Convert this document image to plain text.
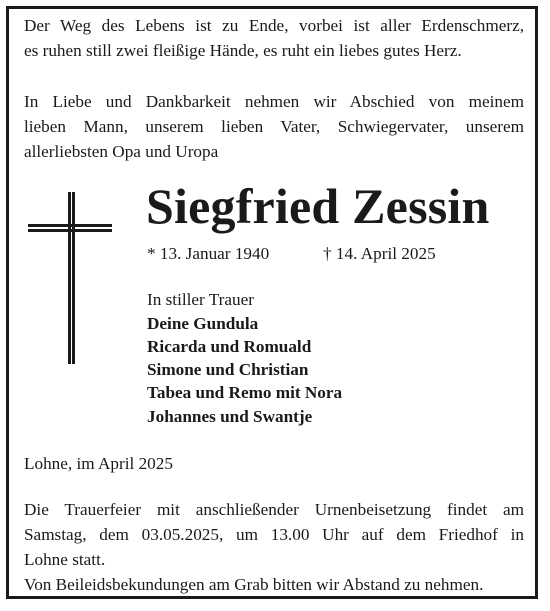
Der Weg des Lebens ist zu Ende, vorbei ist aller Erdenschmerz,
es ruhen still zwei fleißige Hände, es ruht ein liebes gutes Herz.
In Liebe und Dankbarkeit nehmen wir Abschied von meinem
lieben Mann, unserem lieben Vater, Schwiegervater, unserem
allerliebsten Opa und Uropa
Siegfried Zessin
* 13. Januar 1940	† 14. April 2025
In stiller Trauer
Deine Gundula
Ricarda und Romuald
Simone und Christian
Tabea und Remo mit Nora
Johannes und Swantje
Lohne, im April 2025
Die Trauerfeier mit anschließender Urnenbeisetzung findet am
Samstag, dem 03.05.2025, um 13.00 Uhr auf dem Friedhof in
Lohne statt.
Von Beileidsbekundungen am Grab bitten wir Abstand zu nehmen.
